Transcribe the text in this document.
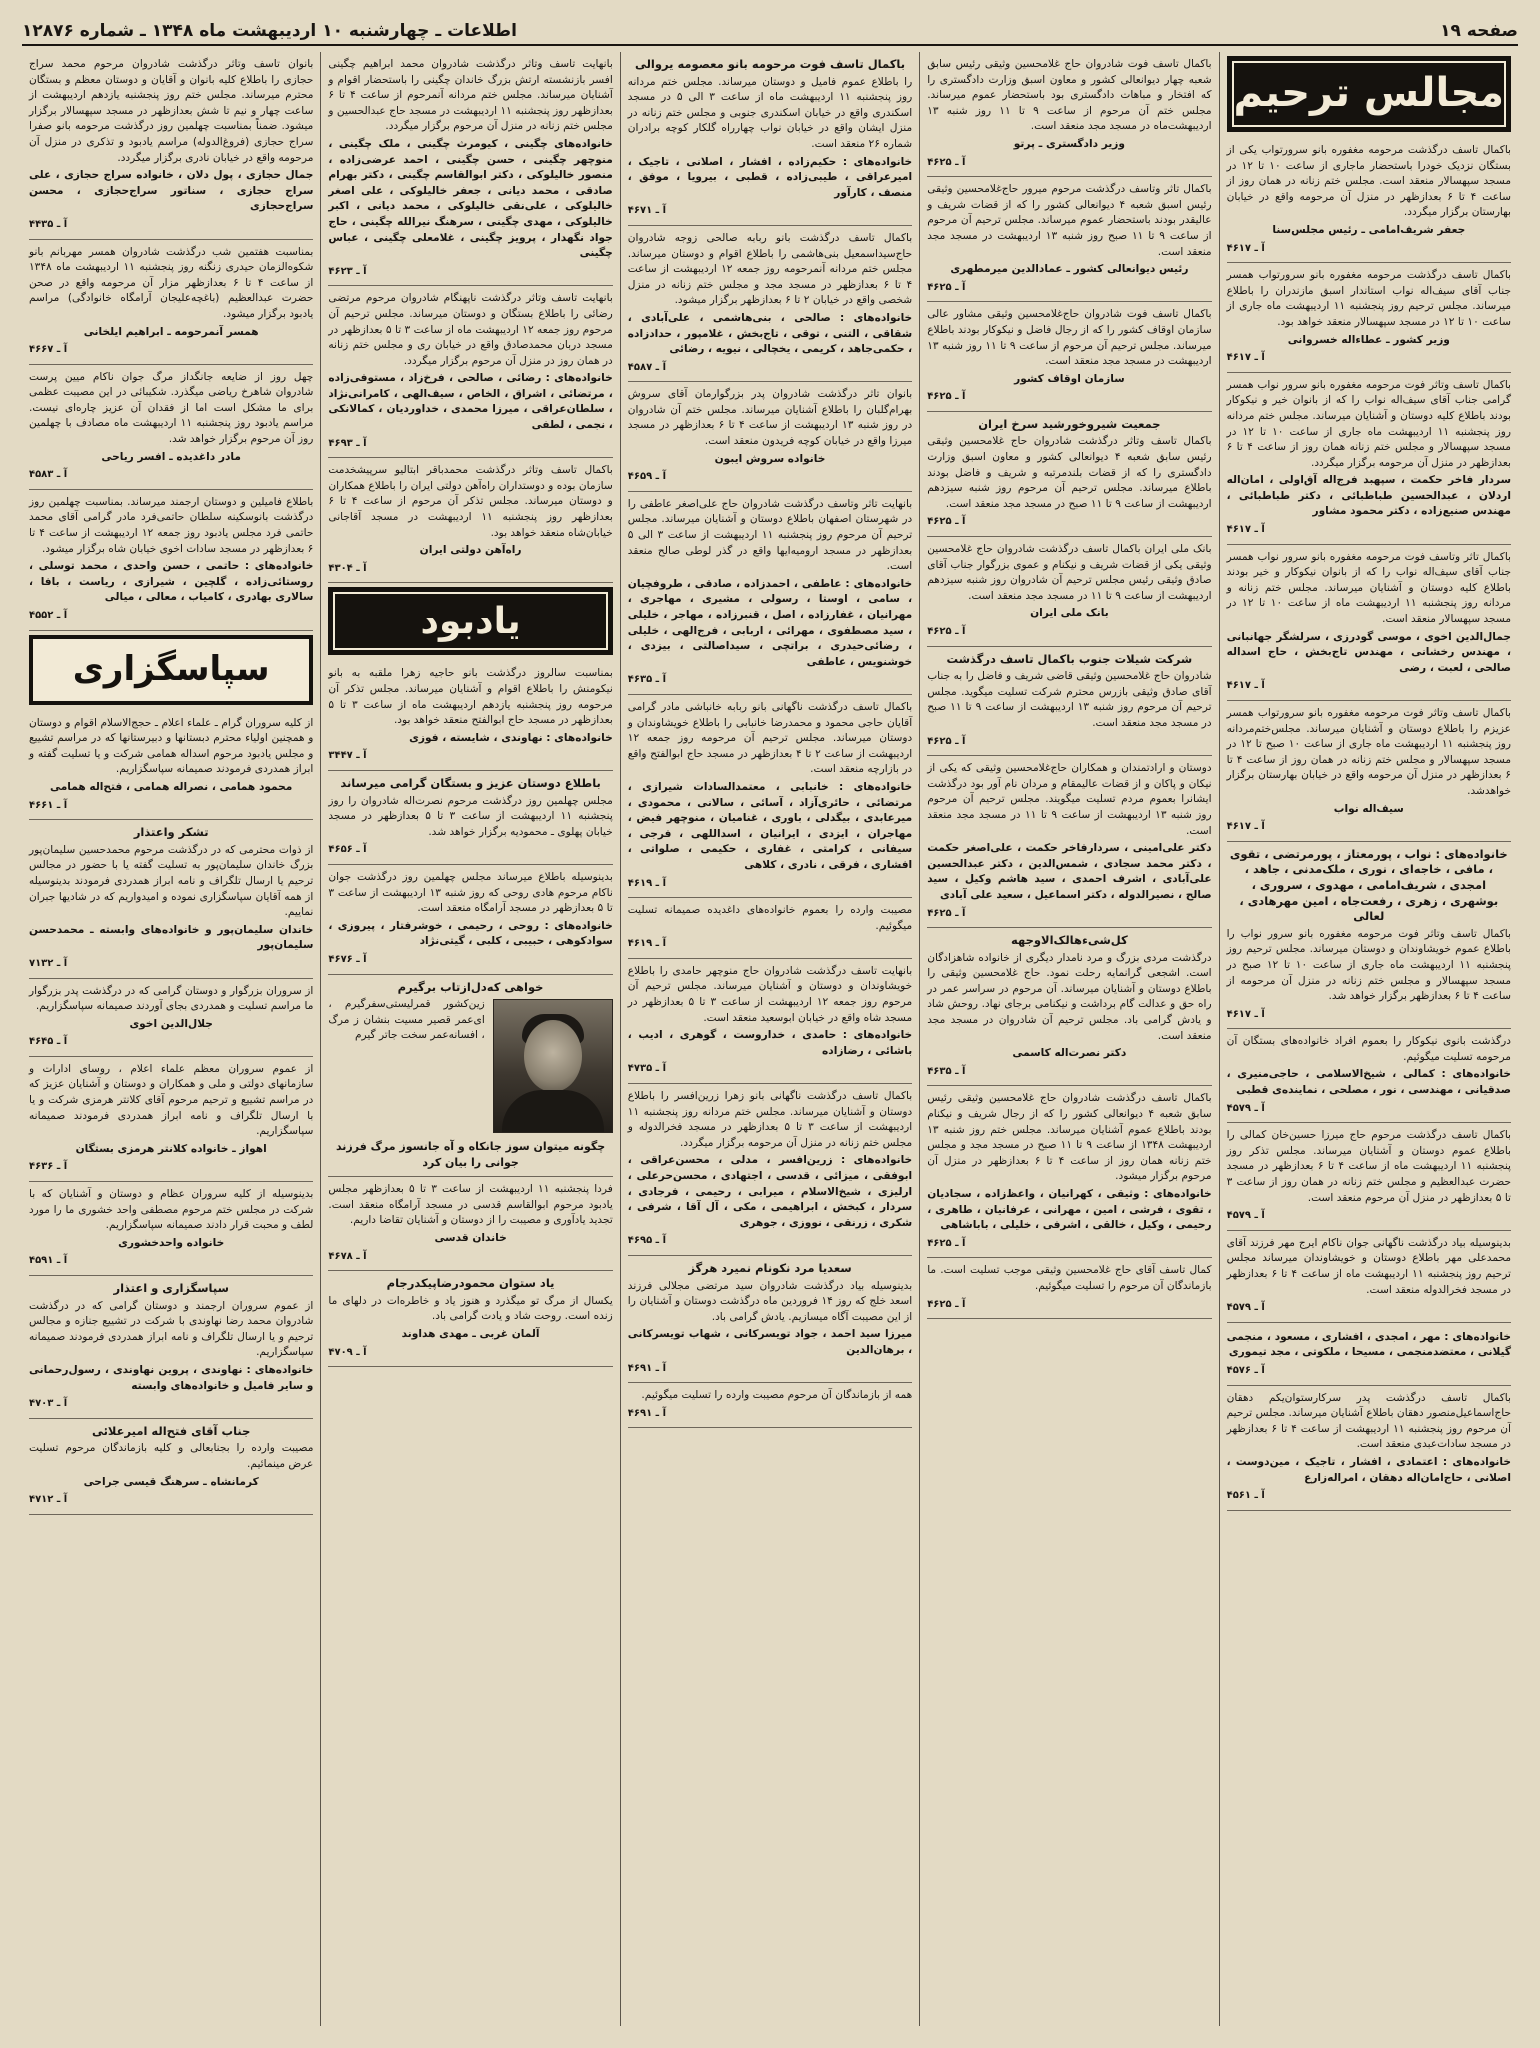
صفحه ۱۹
اطلاعات ـ چهارشنبه ۱۰ اردیبهشت ماه ۱۳۴۸ ـ شماره ۱۲۸۷۶
مجالس ترحیم

باکمال تاسف درگذشت مرحومه مغفوره بانو سرورتواب یکی از بستگان نزدیک خودرا باستحضار ماجاری از ساعت ۱۰ تا ۱۲ در مسجد سپهسالار منعقد است. مجلس ختم زنانه در همان روز از ساعت ۴ تا ۶ بعدازظهر در منزل آن مرحومه واقع در خیابان بهارستان برگزار میگردد.

جعفر شریف‌امامی ـ رئیس مجلس‌سنا

آ ـ ۴۶۱۷

باکمال تاسف درگذشت مرحومه مغفوره بانو سرورتواب همسر جناب آقای سیف‌اله نواب استاندار اسبق مازندران را باطلاع میرساند. مجلس ترحیم روز پنجشنبه ۱۱ اردیبهشت ماه جاری از ساعت ۱۰ تا ۱۲ در مسجد سپهسالار منعقد خواهد بود.

وزیر کشور ـ عطاءاله خسروانی

آ ـ ۴۶۱۷

باکمال تاسف وتاثر فوت مرحومه مغفوره بانو سرور نواب همسر گرامی جناب آقای سیف‌اله نواب را که از بانوان خیر و نیکوکار بودند باطلاع کلیه دوستان و آشنایان میرساند. مجلس ختم مردانه روز پنجشنبه ۱۱ اردیبهشت ماه جاری از ساعت ۱۰ تا ۱۲ در مسجد سپهسالار و مجلس ختم زنانه همان روز از ساعت ۴ تا ۶ بعدازظهر در منزل آن مرحومه برگزار میگردد.

سردار فاخر حکمت ، سپهبد فرج‌اله آق‌اولی ، امان‌اله اردلان ، عبدالحسین طباطبائی ، دکتر طباطبائی ، مهندس صنیع‌زاده ، دکتر محمود مشاور

آ ـ ۴۶۱۷

باکمال تاثر وتاسف فوت مرحومه مغفوره بانو سرور نواب همسر جناب آقای سیف‌اله نواب را که از بانوان نیکوکار و خیر بودند باطلاع کلیه دوستان و آشنایان میرساند. مجلس ختم زنانه و مردانه روز پنجشنبه ۱۱ اردیبهشت ماه از ساعت ۱۰ تا ۱۲ در مسجد سپهسالار منعقد است.

جمال‌الدین اخوی ، موسی گودرزی ، سرلشگر جهانبانی ، مهندس رخشانی ، مهندس تاج‌بخش ، حاج اسداله صالحی ، لعبت ، رضی

آ ـ ۴۶۱۷

باکمال تاسف وتاثر فوت مرحومه مغفوره بانو سرورتواب همسر عزیزم را باطلاع دوستان و آشنایان میرساند. مجلس‌ختم‌مردانه روز پنجشنبه ۱۱ اردیبهشت ماه جاری از ساعت ۱۰ صبح تا ۱۲ در مسجد سپهسالار و مجلس ختم زنانه در همان روز از ساعت ۴ تا ۶ بعدازظهر در منزل آن مرحومه واقع در خیابان بهارستان برگزار خواهدشد.

سیف‌اله نواب

آ ـ ۴۶۱۷

خانواده‌های : نواب ، پورمعتاز ، پورمرتضی ، تقوی ، مافی ، خاجه‌ای ، نوری ، ملک‌مدنی ، جاهد ، امجدی ، شریف‌امامی ، مهدوی ، سروری ، بوشهری ، زهری ، رفعت‌جاه ، امین مهرهادی ، لعالی

باکمال تاسف وتاثر فوت مرحومه مغفوره بانو سرور نواب را باطلاع عموم خویشاوندان و دوستان میرساند. مجلس ترحیم روز پنجشنبه ۱۱ اردیبهشت ماه جاری از ساعت ۱۰ تا ۱۲ صبح در مسجد سپهسالار و مجلس ختم زنانه در منزل آن مرحومه از ساعت ۴ تا ۶ بعدازظهر برگزار خواهد شد.

آ ـ ۴۶۱۷

درگذشت بانوی نیکوکار را بعموم افراد خانواده‌های بستگان آن مرحومه تسلیت میگوئیم.

خانواده‌های : کمالی ، شیخ‌الاسلامی ، حاجی‌منیری ، صدقیانی ، مهندسی ، نور ، مصلحی ، نماینده‌ی قطبی

آ ـ ۴۵۷۹

باکمال تاسف درگذشت مرحوم حاج میرزا حسین‌خان کمالی را باطلاع عموم دوستان و آشنایان میرساند. مجلس تذکر روز پنجشنبه ۱۱ اردیبهشت ماه از ساعت ۴ تا ۶ بعدازظهر در مسجد حضرت عبدالعظیم و مجلس ختم زنانه در همان روز از ساعت ۳ تا ۵ بعدازظهر در منزل آن مرحوم منعقد است.

آ ـ ۴۵۷۹

بدینوسیله بیاد درگذشت ناگهانی جوان ناکام ایرج مهر فرزند آقای محمدعلی مهر باطلاع دوستان و خویشاوندان میرساند مجلس ترحیم روز پنجشنبه ۱۱ اردیبهشت ماه از ساعت ۴ تا ۶ بعدازظهر در مسجد فخرالدوله منعقد است.

آ ـ ۴۵۷۹

خانواده‌های : مهر ، امجدی ، افشاری ، مسعود ، منجمی گیلانی ، معتضدمنجمی ، مسیحا ، ملکوتی ، مجد تیموری

آ ـ ۴۵۷۶

باکمال تاسف درگذشت پدر سرکارستوان‌یکم دهقان حاج‌اسماعیل‌منصور دهقان باطلاع آشنایان میرساند. مجلس ترحیم آن مرحوم روز پنجشنبه ۱۱ اردیبهشت از ساعت ۴ تا ۶ بعدازظهر در مسجد سادات‌عبدی منعقد است.

خانواده‌های : اعتمادی ، افشار ، تاجیک ، مین‌دوست ، اصلانی ، حاج‌امان‌اله دهقان ، امراله‌زارع

آ ـ ۴۵۶۱

باکمال تاسف فوت شادروان حاج غلامحسین وثیقی رئیس سابق شعبه چهار دیوانعالی کشور و معاون اسبق وزارت دادگستری را که افتخار و مباهات دادگستری بود باستحضار عموم میرساند. مجلس ختم آن مرحوم از ساعت ۹ تا ۱۱ روز شنبه ۱۳ اردیبهشت‌ماه در مسجد مجد منعقد است.

وزیر دادگستری ـ پرتو

آ ـ ۴۶۲۵

باکمال تاثر وتاسف درگذشت مرحوم میرور حاج‌غلامحسین وثیقی رئیس اسبق شعبه ۴ دیوانعالی کشور را که از قضات شریف و عالیقدر بودند باستحضار عموم میرساند. مجلس ترحیم آن مرحوم از ساعت ۹ تا ۱۱ صبح روز شنبه ۱۳ اردیبهشت در مسجد مجد منعقد است.

رئیس دیوانعالی کشور ـ عمادالدین میرمطهری

آ ـ ۴۶۲۵

باکمال تاسف فوت شادروان حاج‌غلامحسین وثیقی مشاور عالی سازمان اوقاف کشور را که از رجال فاضل و نیکوکار بودند باطلاع میرساند. مجلس ترحیم آن مرحوم از ساعت ۹ تا ۱۱ روز شنبه ۱۳ اردیبهشت در مسجد مجد منعقد است.

سازمان اوقاف کشور

آ ـ ۴۶۲۵

جمعیت شیروخورشید سرخ ایران

باکمال تاسف وتاثر درگذشت شادروان حاج غلامحسین وثیقی رئیس سابق شعبه ۴ دیوانعالی کشور و معاون اسبق وزارت دادگستری را که از قضات بلندمرتبه و شریف و فاضل بودند باطلاع میرساند. مجلس ترحیم آن مرحوم روز شنبه سیزدهم اردیبهشت از ساعت ۹ تا ۱۱ صبح در مسجد مجد منعقد است.

آ ـ ۴۶۲۵

بانک ملی ایران باکمال تاسف درگذشت شادروان حاج غلامحسین وثیقی یکی از قضات شریف و نیکنام و عموی بزرگوار جناب آقای صادق وثیقی رئیس مجلس ترحیم آن شادروان روز شنبه سیزدهم اردیبهشت از ساعت ۹ تا ۱۱ در مسجد مجد منعقد است.

بانک ملی ایران

آ ـ ۴۶۲۵

شرکت شیلات جنوب باکمال تاسف درگذشت

شادروان حاج غلامحسین وثیقی قاضی شریف و فاضل را به جناب آقای صادق وثیقی بازرس محترم شرکت تسلیت میگوید. مجلس ترحیم آن مرحوم روز شنبه ۱۳ اردیبهشت از ساعت ۹ تا ۱۱ صبح در مسجد مجد منعقد است.

آ ـ ۴۶۲۵

دوستان و ارادتمندان و همکاران حاج‌غلامحسین وثیقی که یکی از نیکان و پاکان و از قضات عالیمقام و مردان نام آور بود درگذشت ایشانرا بعموم مردم تسلیت میگویند. مجلس ترحیم آن مرحوم روز شنبه ۱۳ اردیبهشت از ساعت ۹ تا ۱۱ در مسجد مجد منعقد است.

دکتر علی‌امینی ، سردارفاخر حکمت ، علی‌اصغر حکمت ، دکتر محمد سجادی ، شمس‌الدین ، دکتر عبدالحسین علی‌آبادی ، اشرف احمدی ، سید هاشم وکیل ، سید صالح ، نصیرالدوله ، دکتر اسماعیل ، سعید علی آبادی

آ ـ ۴۶۲۵

کل‌شی‌ءهالک‌الاوجهه

درگذشت مردی بزرگ و مرد نامدار دیگری از خانواده شاهزادگان است. اشجعی گرانمایه رحلت نمود. حاج غلامحسین وثیقی را باطلاع دوستان و آشنایان میرساند. آن مرحوم در سراسر عمر در راه حق و عدالت گام برداشت و نیکنامی برجای نهاد. روحش شاد و یادش گرامی باد. مجلس ترحیم آن شادروان در مسجد مجد منعقد است.

دکتر نصرت‌اله کاسمی

آ ـ ۴۶۳۵

باکمال تاسف درگذشت شادروان حاج غلامحسین وثیقی رئیس سابق شعبه ۴ دیوانعالی کشور را که از رجال شریف و نیکنام بودند باطلاع عموم آشنایان میرساند. مجلس ختم روز شنبه ۱۳ اردیبهشت ۱۳۴۸ از ساعت ۹ تا ۱۱ صبح در مسجد مجد و مجلس ختم زنانه همان روز از ساعت ۴ تا ۶ بعدازظهر در منزل آن مرحوم برگزار میشود.

خانواده‌های : وثیقی ، کهرانیان ، واعظ‌زاده ، سجادیان ، تقوی ، فرشی ، امین ، مهرانی ، عرفانیان ، طاهری ، رحیمی ، وکیل ، خالقی ، اشرفی ، خلیلی ، باباشاهی

آ ـ ۴۶۲۵

کمال تاسف آقای حاج غلامحسین وثیقی موجب تسلیت است. ما بازماندگان آن مرحوم را تسلیت میگوئیم.

آ ـ ۴۶۲۵

باکمال تاسف فوت مرحومه بانو معصومه یروالی

را باطلاع عموم فامیل و دوستان میرساند. مجلس ختم مردانه روز پنجشنبه ۱۱ اردیبهشت ماه از ساعت ۳ الی ۵ در مسجد اسکندری واقع در خیابان اسکندری جنوبی و مجلس ختم زنانه در منزل ایشان واقع در خیابان نواب چهارراه گلکار کوچه برادران شماره ۲۶ منعقد است.

خانواده‌های : حکیم‌زاده ، افشار ، اصلانی ، تاجیک ، امیرعراقی ، طیبی‌زاده ، قطبی ، بیرویا ، موفق ، منصف ، کارآور

آ ـ ۴۶۷۱

باکمال تاسف درگذشت بانو ربابه صالحی زوجه شادروان حاج‌سیداسمعیل بنی‌هاشمی را باطلاع اقوام و دوستان میرساند. مجلس ختم مردانه آنمرحومه روز جمعه ۱۲ اردیبهشت از ساعت ۴ تا ۶ بعدازظهر در مسجد مجد و مجلس ختم زنانه در منزل شخصی واقع در خیابان ۲ تا ۶ بعدازظهر برگزار میشود.

خانواده‌های : صالحی ، بنی‌هاشمی ، علی‌آبادی ، شقاقی ، التنی ، توقی ، تاج‌بخش ، غلامپور ، حدادزاده ، حکمی‌جاهد ، کریمی ، یخچالی ، نیویه ، رضائی

آ ـ ۴۵۸۷

بانوان تاثر درگذشت شادروان پدر بزرگوارمان آقای سروش بهرام‌گلبان را باطلاع آشنایان میرساند. مجلس ختم آن شادروان در روز شنبه ۱۳ اردیبهشت از ساعت ۴ تا ۶ بعدازظهر در مسجد میرزا واقع در خیابان کوچه فریدون منعقد است.

خانواده سروش ایبون

آ ـ ۴۶۵۹

بانهایت تاثر وتاسف درگذشت شادروان حاج علی‌اصغر عاطفی را در شهرستان اصفهان باطلاع دوستان و آشنایان میرساند. مجلس ترحیم آن مرحوم روز پنجشنبه ۱۱ اردیبهشت از ساعت ۳ الی ۵ بعدازظهر در مسجد ارومیه‌ایها واقع در گذر لوطی صالح منعقد است.

خانواده‌های : عاطفی ، احمدزاده ، صادقی ، طروفچیان ، سامی ، اوستا ، رسولی ، مشیری ، مهاجری ، مهرانیان ، غفارزاده ، اصل ، قنبرزاده ، مهاجر ، خلیلی ، سید مصطفوی ، مهرائی ، اربابی ، فرج‌الهی ، خلیلی ، رضائی‌حیدری ، براتچی ، سیداصالتی ، بیزدی ، خوشنویس ، عاطفی

آ ـ ۴۶۳۵

باکمال تاسف درگذشت ناگهانی بانو ربابه خانباشی مادر گرامی آقایان حاجی محمود و محمدرضا خانبابی را باطلاع خویشاوندان و دوستان میرساند. مجلس ترحیم آن مرحومه روز جمعه ۱۲ اردیبهشت از ساعت ۲ تا ۴ بعدازظهر در مسجد حاج ابوالفتح واقع در بازارچه منعقد است.

خانواده‌های : خانبابی ، معتمدالسادات شیرازی ، مرتضائی ، حائری‌آزاد ، آسائی ، سالانی ، محمودی ، میرعابدی ، بیگدلی ، باوری ، غنامیان ، منوچهر فیض ، مهاجران ، ایزدی ، ایرانیان ، اسداللهی ، فرجی ، سیفانی ، کرامتی ، غفاری ، حکیمی ، صلواتی ، افشاری ، فرقی ، نادری ، کلاهی

آ ـ ۴۶۱۹

مصیبت وارده را بعموم خانواده‌های داغدیده صمیمانه تسلیت میگوئیم.

آ ـ ۴۶۱۹

بانهایت تاسف درگذشت شادروان حاج منوچهر حامدی را باطلاع خویشاوندان و دوستان و آشنایان میرساند. مجلس ترحیم آن مرحوم روز جمعه ۱۲ اردیبهشت از ساعت ۳ تا ۵ بعدازظهر در مسجد شاه واقع در خیابان ابوسعید منعقد است.

خانواده‌های : حامدی ، خداروست ، گوهری ، ادیب ، باشائی ، رضازاده

آ ـ ۴۷۳۵

باکمال تاسف درگذشت ناگهانی بانو زهرا زرین‌افسر را باطلاع دوستان و آشنایان میرساند. مجلس ختم مردانه روز پنجشنبه ۱۱ اردیبهشت از ساعت ۳ تا ۵ بعدازظهر در مسجد فخرالدوله و مجلس ختم زنانه در منزل آن مرحومه برگزار میگردد.

خانواده‌های : زرین‌افسر ، مدلی ، محسن‌عراقی ، ابوفقی ، میزائی ، قدسی ، اجتهادی ، محسن‌حرعلی ، ارلیزی ، شیخ‌الاسلام ، میرابی ، رحیمی ، فرجادی ، سردار ، کبخش ، ابراهیمی ، مکی ، آل آقا ، شرفی ، شکری ، زرنقی ، نووزی ، جوهری

آ ـ ۴۶۹۵

سعدیا مرد نکونام نمیرد هرگز

بدینوسیله بیاد درگذشت شادروان سید مرتضی مجلالی فرزند اسعد خلج که روز ۱۴ فروردین ماه درگذشت دوستان و آشنایان را از این مصیبت آگاه میسازیم. یادش گرامی باد.

میرزا سید احمد ، جواد تویسرکانی ، شهاب تویسرکانی ، برهان‌الدین

آ ـ ۴۶۹۱

همه از بازماندگان آن مرحوم مصیبت وارده را تسلیت میگوئیم.

آ ـ ۴۶۹۱

بانهایت تاسف وتاثر درگذشت شادروان محمد ابراهیم چگینی افسر بازنشسته ارتش بزرگ خاندان چگینی را باستحضار اقوام و آشنایان میرساند. مجلس ختم مردانه آنمرحوم از ساعت‌ ۴ تا ۶ بعدازظهر روز پنجشنبه ۱۱ اردیبهشت در مسجد حاج عبدالحسین و مجلس ختم زنانه در منزل آن مرحوم برگزار میگردد.

خانواده‌های چگینی ، کیومرث چگینی ، ملک چگینی ، منوچهر چگینی ، حسن چگینی ، احمد عرضی‌زاده ، منصور خالیلوکی ، دکتر ابوالقاسم چگینی ، دکتر بهرام صادقی ، محمد دیانی ، جعفر خالیلوکی ، علی اصغر خالیلوکی ، علی‌نقی خالیلوکی ، محمد دیانی ، اکبر خالیلوکی ، مهدی چگینی ، سرهنگ نیرالله چگینی ، حاج جواد نگهدار ، پرویز چگینی ، غلامعلی چگینی ، عباس چگینی

آ ـ ۴۶۲۳

بانهایت تاسف وتاثر درگذشت ناپهنگام شادروان مرحوم مرتضی رضائی را باطلاع بستگان و دوستان میرساند. مجلس ترحیم آن مرحوم روز جمعه ۱۲ اردیبهشت ماه از ساعت ۳ تا ۵ بعدازظهر در مسجد دربان محمدصادق واقع در خیابان ری و مجلس ختم زنانه در همان روز در منزل آن مرحوم برگزار میگردد.

خانواده‌های : رضائی ، صالحی ، فرخ‌زاد ، مستوفی‌زاده ، مرتضائی ، اشراق ، الخاص ، سیف‌الهی ، کامرانی‌نژاد ، سلطان‌عراقی ، میرزا محمدی ، خداوردیان ، کمالانکی ، نجمی ، لطفی

آ ـ ۴۶۹۳

باکمال تاسف وتاثر درگذشت محمدباقر ابتالیو سرپیشخدمت سازمان بوده و دوستداران راه‌آهن دولتی ایران را باطلاع همکاران و دوستان میرساند. مجلس تذکر آن مرحوم از ساعت ۴ تا ۶ بعدازظهر روز پنجشنبه ۱۱ اردیبهشت در مسجد آقاجانی خیابان‌شاه منعقد خواهد بود.

راه‌آهن دولتی ایران

آ ـ ۴۳۰۴

یادبود

بمناسبت سالروز درگذشت بانو حاجیه زهرا ملقبه به بانو نیکومنش را باطلاع اقوام و آشنایان میرساند. مجلس تذکر آن مرحومه روز پنجشنبه یازدهم اردیبهشت ماه از ساعت ۳ تا ۵ بعدازظهر در مسجد حاج ابوالفتح منعقد خواهد بود.

خانواده‌های : نهاوندی ، شایسته ، فوزی

آ ـ ۳۴۴۷

باطلاع دوستان عزیز و بستگان گرامی میرساند

مجلس چهلمین روز درگذشت مرحوم نصرت‌اله شادروان را روز پنجشنبه ۱۱ اردیبهشت از ساعت ۳ تا ۵ بعدازظهر در مسجد خیابان پهلوی ـ محمودیه برگزار خواهد شد.

آ ـ ۴۶۵۶

بدینوسیله باطلاع میرساند مجلس چهلمین روز درگذشت جوان ناکام مرحوم هادی روحی که روز شنبه ۱۳ اردیبهشت از ساعت ۳ تا ۵ بعدازظهر در مسجد آرامگاه منعقد است.

خانواده‌های : روحی ، رحیمی ، خوشرفتار ، پیروزی ، سوادکوهی ، حبیبی ، کلبی ، گیتی‌نژاد

آ ـ ۴۶۷۶

خواهی که‌دل‌از‌تاب برگیرم

زین‌کشور قمرلیستی‌سفرگیرم ، ای‌عمر قصیر مسیت بنشان ز مرگ ، افسانه‌عمر سخت جاتر گیرم

چگونه میتوان سوز جانکاه و آه جانسوز مرگ فرزند جوانی را بیان کرد

فردا پنجشنبه ۱۱ اردیبهشت از ساعت ۳ تا ۵ بعدازظهر مجلس یادبود مرحوم ابوالقاسم قدسی در مسجد آرامگاه منعقد است. تجدید یادآوری و مصیبت را از دوستان و آشنایان تقاضا داریم.

خاندان قدسی

آ ـ ۴۶۷۸

یاد ستوان محمودرضاپیکدرجام

یکسال از مرگ تو میگذرد و هنوز یاد و خاطره‌ات در دلهای ما زنده است. روحت شاد و یادت گرامی باد.

آلمان غربی ـ مهدی هداوند

آ ـ ۴۷۰۹

بانوان تاسف وتاثر درگذشت شادروان مرحوم محمد سراج حجازی را باطلاع کلیه بانوان و آقایان و دوستان معظم و بستگان محترم میرساند. مجلس ختم روز پنجشنبه یازدهم اردیبهشت از ساعت چهار و نیم تا شش بعدازظهر در مسجد سپهسالار برگزار میشود. ضمناً بمناسبت چهلمین روز درگذشت مرحومه بانو صفرا سراج حجازی (فروغ‌الدوله) مراسم یادبود و تذکری در منزل آن مرحومه واقع در خیابان نادری برگزار میگردد.

جمال حجازی ، پول دلان ، خانواده سراج حجازی ، علی سراج حجازی ، سناتور سراج‌حجازی ، محسن سراج‌حجازی

آ ـ ۴۴۳۵

بمناسبت هفتمین شب درگذشت شادروان همسر مهربانم بانو شکوه‌الزمان حیدری زنگنه روز پنجشنبه ۱۱ اردیبهشت ماه ۱۳۴۸ از ساعت ۴ تا ۶ بعدازظهر مزار آن مرحومه واقع در صحن حضرت عبدالعظیم (باغچه‌علیجان آرامگاه خانوادگی) مراسم یادبود برگزار میشود.

همسر آنمرحومه ـ ابراهیم ایلخانی

آ ـ ۴۶۶۷

چهل روز از ضایعه جانگداز مرگ جوان ناکام میین پرست شادروان شاهرخ ریاضی میگذرد. شکیبائی در این مصیبت عظمی برای ما مشکل است اما از فقدان آن عزیز چاره‌ای نیست. مراسم یادبود روز پنجشنبه ۱۱ اردیبهشت ماه مصادف با چهلمین روز آن مرحوم برگزار خواهد شد.

مادر داغدیده ـ افسر ریاحی

آ ـ ۴۵۸۳

باطلاع فامیلین و دوستان ارجمند میرساند. بمناسبت چهلمین روز درگذشت بانوسکینه سلطان حاتمی‌فرد مادر گرامی آقای محمد حاتمی فرد مجلس یادبود روز جمعه ۱۲ اردیبهشت از ساعت ۴ تا ۶ بعدازظهر در مسجد سادات اخوی خیابان شاه برگزار میشود.

خانواده‌های : حاتمی ، حسن واحدی ، محمد توسلی ، روستائی‌زاده ، گلچین ، شیرازی ، ریاست ، بافا ، سالاری بهادری ، کامیاب ، معالی ، میالی

آ ـ ۴۵۵۲

سپاسگزاری

از کلیه سروران گرام ـ علماء اعلام ـ حجج‌الاسلام اقوام و دوستان و همچنین اولیاء محترم دبستانها و دبیرستانها که در مراسم تشییع و مجلس یادبود مرحوم اسداله همامی شرکت و یا تسلیت گفته و ابراز همدردی فرمودند صمیمانه سپاسگزاریم.

محمود همامی ، نصراله همامی ، فتح‌اله همامی

آ ـ ۴۶۶۱

تشکر واعتذار

از ذوات محترمی که در درگذشت مرحوم محمدحسین سلیمان‌پور بزرگ خاندان سلیمان‌پور به تسلیت گفته یا با حضور در مجالس ترحیم یا ارسال تلگراف و نامه ابراز همدردی فرمودند بدینوسیله از همه آقایان سپاسگزاری نموده و امیدواریم که در شادیها جبران نماییم.

خاندان سلیمان‌پور و خانواده‌های وابسته ـ محمدحسن سلیمان‌پور

آ ـ ۷۱۳۲

از سروران بزرگوار و دوستان گرامی که در درگذشت پدر بزرگوار ما مراسم تسلیت و همدردی بجای آوردند صمیمانه سپاسگزاریم.

جلال‌الدین اخوی

آ ـ ۴۶۴۵

از عموم سروران معظم علماء اعلام ، روسای ادارات و سازمانهای دولتی و ملی و همکاران و دوستان و آشنایان عزیز که در مراسم تشییع و ترحیم مرحوم آقای کلانتر هرمزی شرکت و یا با ارسال تلگراف و نامه ابراز همدردی فرمودند صمیمانه سپاسگزاریم.

اهواز ـ خانواده کلانتر هرمزی بستگان

آ ـ ۴۶۳۶

بدینوسیله از کلیه سروران عظام و دوستان و آشنایان که با شرکت در مجلس ختم مرحوم مصطفی واحد خشوری ما را مورد لطف و محبت قرار دادند صمیمانه سپاسگزاریم.

خانواده واحدخشوری

آ ـ ۴۵۹۱

سپاسگزاری و اعتذار

از عموم سروران ارجمند و دوستان گرامی که در درگذشت شادروان محمد رضا نهاوندی با شرکت در تشییع جنازه و مجالس ترحیم و یا ارسال تلگراف و نامه ابراز همدردی فرمودند صمیمانه سپاسگزاریم.

خانواده‌های : نهاوندی ، پروین نهاوندی ، رسول‌رحمانی و سایر فامیل و خانواده‌های وابسته

آ ـ ۴۷۰۳

جناب آقای فتح‌اله امیرعلائی

مصیبت وارده را بجنابعالی و کلیه بازماندگان مرحوم تسلیت عرض مینمائیم.

کرمانشاه ـ سرهنگ قیسی جراحی

آ ـ ۴۷۱۲
